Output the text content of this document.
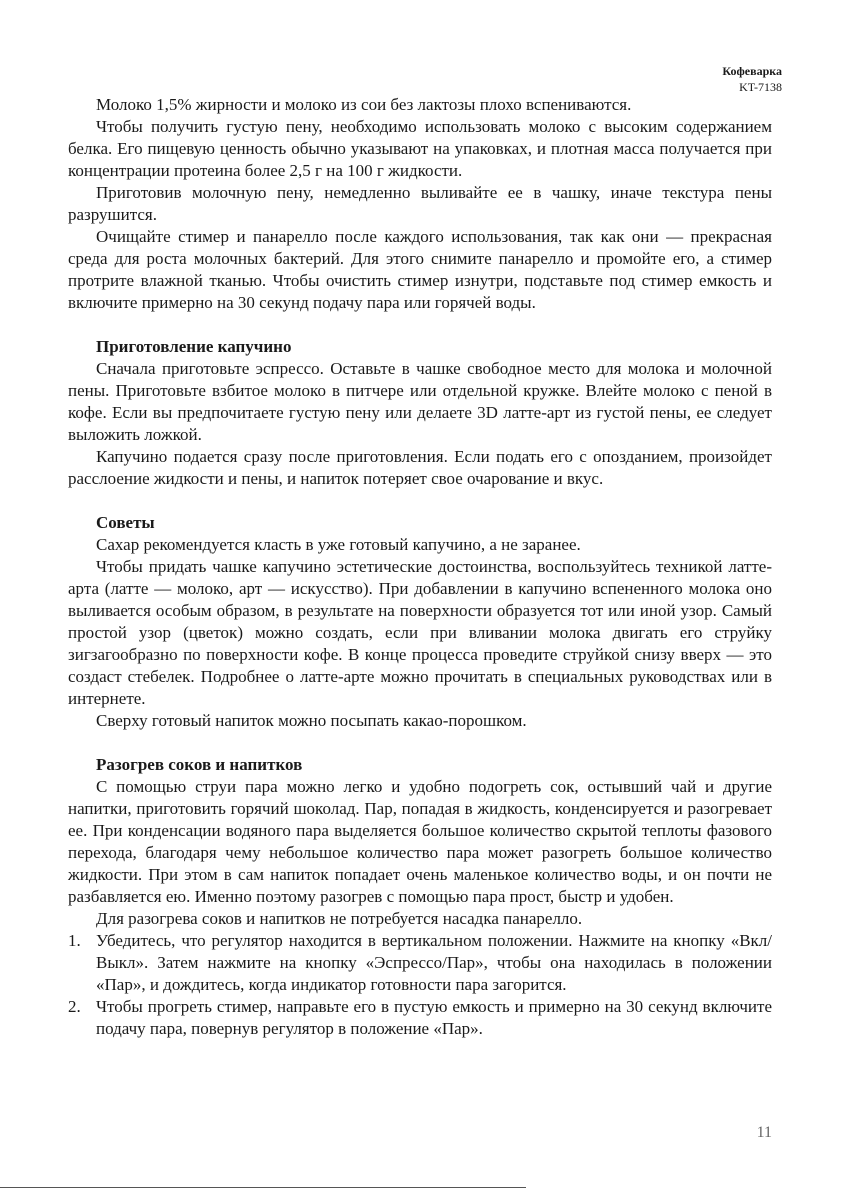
Кофеварка
KT-7138

Молоко 1,5% жирности и молоко из сои без лактозы плохо вспениваются.

Чтобы получить густую пену, необходимо использовать молоко с высоким содержанием белка. Его пищевую ценность обычно указывают на упаковках, и плотная масса получается при концентрации протеина более 2,5 г на 100 г жидкости.

Приготовив молочную пену, немедленно выливайте ее в чашку, иначе текстура пены разрушится.

Очищайте стимер и панарелло после каждого использования, так как они — прекрасная среда для роста молочных бактерий. Для этого снимите панарелло и промойте его, а стимер протрите влажной тканью. Чтобы очистить стимер изнутри, подставьте под стимер емкость и включите примерно на 30 секунд подачу пара или горячей воды.

Приготовление капучино

Сначала приготовьте эспрессо. Оставьте в чашке свободное место для молока и молочной пены. Приготовьте взбитое молоко в питчере или отдельной кружке. Влейте молоко с пеной в кофе. Если вы предпочитаете густую пену или делаете 3D латте-арт из густой пены, ее следует выложить ложкой.

Капучино подается сразу после приготовления. Если подать его с опозданием, произойдет расслоение жидкости и пены, и напиток потеряет свое очарование и вкус.

Советы

Сахар рекомендуется класть в уже готовый капучино, а не заранее.

Чтобы придать чашке капучино эстетические достоинства, воспользуйтесь техникой латте-арта (латте — молоко, арт — искусство). При добавлении в капучино вспененного молока оно выливается особым образом, в результате на поверхности образуется тот или иной узор. Самый простой узор (цветок) можно создать, если при вливании молока двигать его струйку зигзагообразно по поверхности кофе. В конце процесса проведите струйкой снизу вверх — это создаст стебелек. Подробнее о латте-арте можно прочитать в специальных руководствах или в интернете.

Сверху готовый напиток можно посыпать какао-порошком.

Разогрев соков и напитков

С помощью струи пара можно легко и удобно подогреть сок, остывший чай и другие напитки, приготовить горячий шоколад. Пар, попадая в жидкость, конденсируется и разогревает ее. При конденсации водяного пара выделяется большое количество скрытой теплоты фазового перехода, благодаря чему небольшое количество пара может разогреть большое количество жидкости. При этом в сам напиток попадает очень маленькое количество воды, и он почти не разбавляется ею. Именно поэтому разогрев с помощью пара прост, быстр и удобен.

Для разогрева соков и напитков не потребуется насадка панарелло.

1. Убедитесь, что регулятор находится в вертикальном положении. Нажмите на кнопку «Вкл/Выкл». Затем нажмите на кнопку «Эспрессо/Пар», чтобы она находилась в положении «Пар», и дождитесь, когда индикатор готовности пара загорится.
2. Чтобы прогреть стимер, направьте его в пустую емкость и примерно на 30 секунд включите подачу пара, повернув регулятор в положение «Пар».
11
